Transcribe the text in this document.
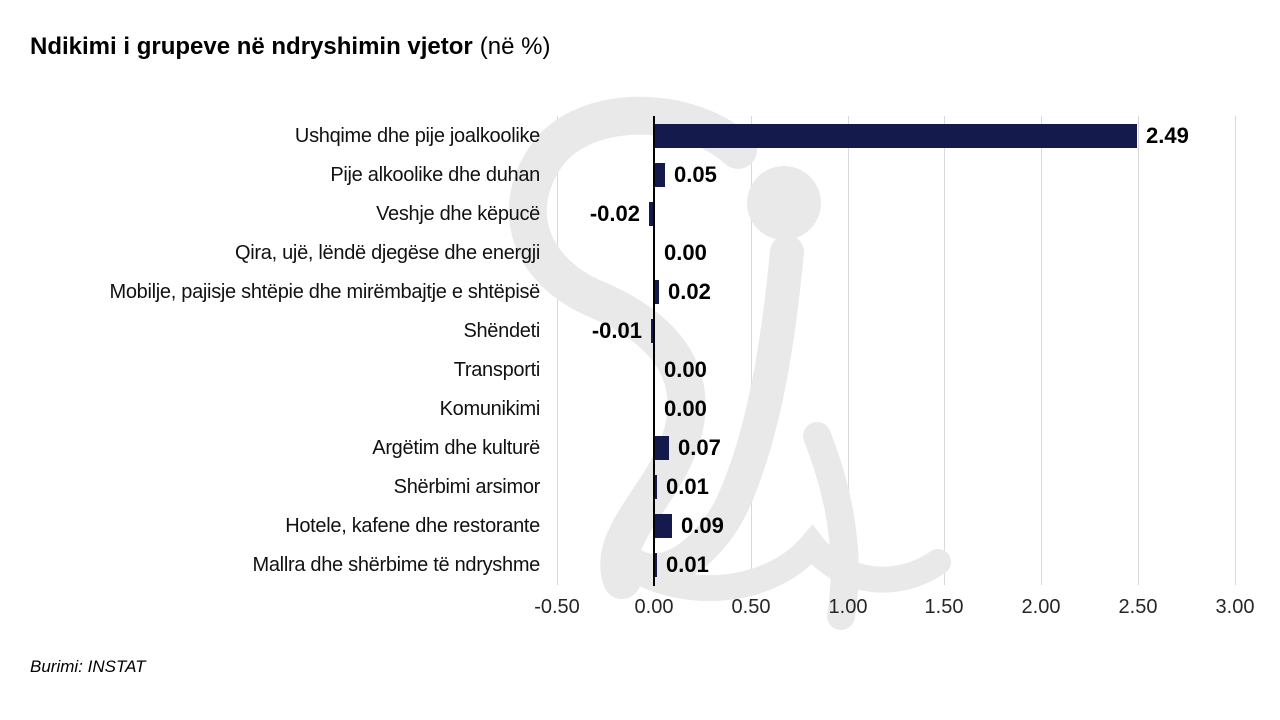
Ndikimi i grupeve në ndryshimin vjetor (në %)
-0.50	0.00	0.50	1.00	1.50	2.00	2.50	3.00
Ushqime dhe pije joalkoolike	2.49
Pije alkoolike dhe duhan	0.05
Veshje dhe këpucë -0.02
Qira, ujë, lëndë djegëse dhe energji	0.00
Mobilje, pajisje shtëpie dhe mirëmbajtje e shtëpisë	0.02
Shëndeti -0.01
Transporti	0.00
Komunikimi	0.00
Argëtim dhe kulturë	0.07
Shërbimi arsimor	0.01
Hotele, kafene dhe restorante	0.09
Mallra dhe shërbime të ndryshme	0.01
Burimi: INSTAT
